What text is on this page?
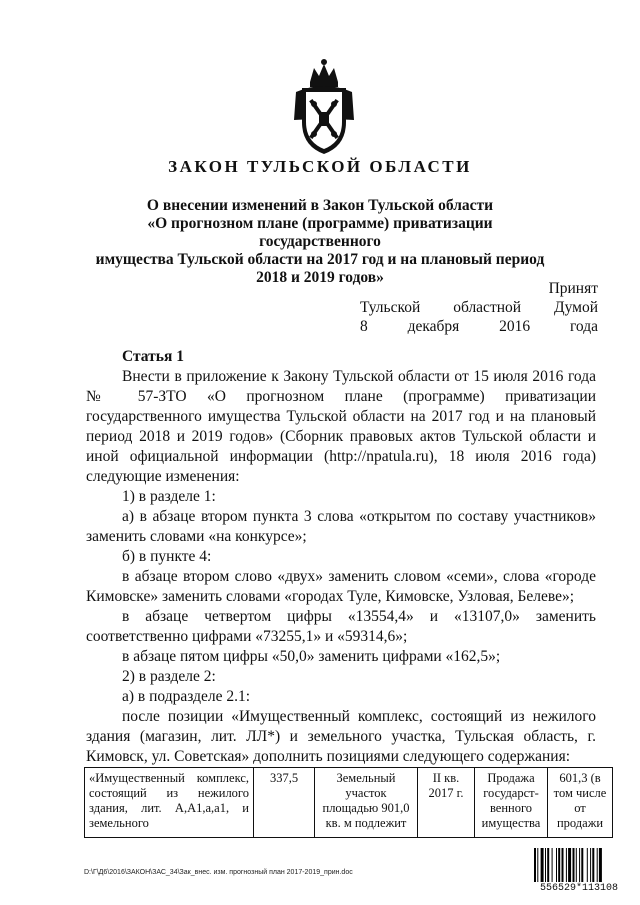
ЗАКОН ТУЛЬСКОЙ ОБЛАСТИ
О внесении изменений в Закон Тульской области
«О прогнозном плане (программе) приватизации государственного
имущества Тульской области на 2017 год и на плановый период
2018 и 2019 годов»
Принят
Тульской областной Думой
8 декабря 2016 года

Статья 1

Внести в приложение к Закону Тульской области от 15 июля 2016 года № 57-ЗТО «О прогнозном плане (программе) приватизации государственного имущества Тульской области на 2017 год и на плановый период 2018 и 2019 годов» (Сборник правовых актов Тульской области и иной официальной информации (http://npatula.ru), 18 июля 2016 года) следующие изменения:

1) в разделе 1:

а) в абзаце втором пункта 3 слова «открытом по составу участников» заменить словами «на конкурсе»;

б) в пункте 4:

в абзаце втором слово «двух» заменить словом «семи», слова «городе Кимовске» заменить словами «городах Туле, Кимовске, Узловая, Белеве»;

в абзаце четвертом цифры «13554,4» и «13107,0» заменить соответственно цифрами «73255,1» и «59314,6»;

в абзаце пятом цифры «50,0» заменить цифрами «162,5»;

2) в разделе 2:

а) в подразделе 2.1:

после позиции «Имущественный комплекс, состоящий из нежилого здания (магазин, лит. ЛЛ*) и земельного участка, Тульская область, г. Кимовск, ул. Советская» дополнить позициями следующего содержания:

«Имущественный комплекс, состоящий из нежилого здания, лит. А,А1,а,а1, и земельного	337,5	Земельный участок площадью 901,0 кв. м подлежит	II кв. 2017 г.	Продажа государст-венного имущества	601,3 (в том числе от продажи
D:\Г\Д6\2016\ЗАКОН\ЗАС_34\Зак_внес. изм. прогнозный план 2017-2019_прин.doc
556529*113108
